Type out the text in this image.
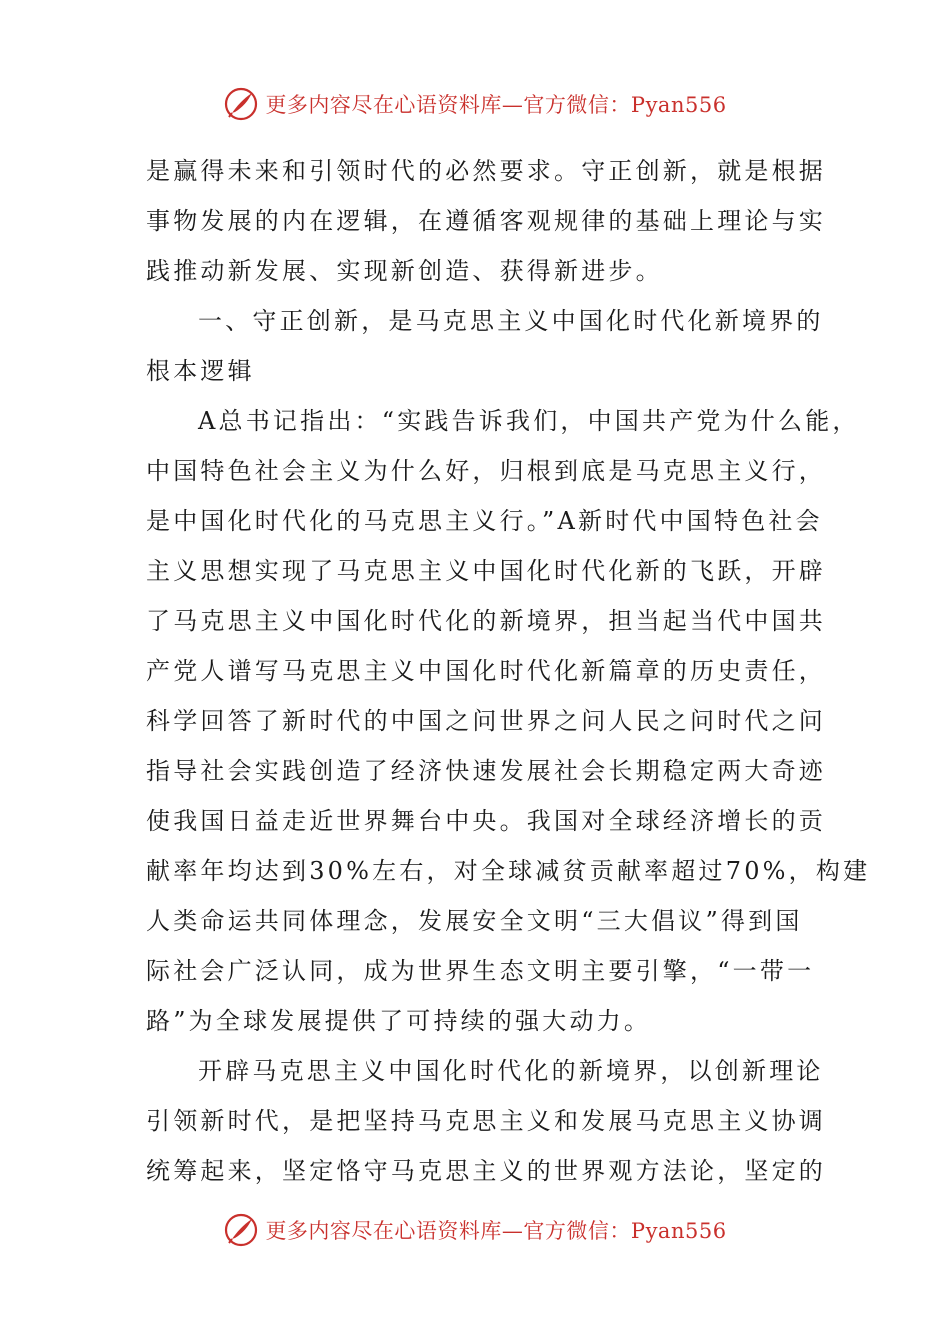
更多内容尽在心语资料库—官方微信：Pyan556
是赢得未来和引领时代的必然要求。守正创新，就是根据
事物发展的内在逻辑，在遵循客观规律的基础上理论与实
践推动新发展、实现新创造、获得新进步。
一、守正创新，是马克思主义中国化时代化新境界的
根本逻辑
A总书记指出：“实践告诉我们，中国共产党为什么能，
中国特色社会主义为什么好，归根到底是马克思主义行，
是中国化时代化的马克思主义行。”A新时代中国特色社会
主义思想实现了马克思主义中国化时代化新的飞跃，开辟
了马克思主义中国化时代化的新境界，担当起当代中国共
产党人谱写马克思主义中国化时代化新篇章的历史责任，
科学回答了新时代的中国之问世界之问人民之问时代之问
指导社会实践创造了经济快速发展社会长期稳定两大奇迹
使我国日益走近世界舞台中央。我国对全球经济增长的贡
献率年均达到30%左右，对全球减贫贡献率超过70%，构建
人类命运共同体理念，发展安全文明“三大倡议”得到国
际社会广泛认同，成为世界生态文明主要引擎，“一带一
路”为全球发展提供了可持续的强大动力。
开辟马克思主义中国化时代化的新境界，以创新理论
引领新时代，是把坚持马克思主义和发展马克思主义协调
统筹起来，坚定恪守马克思主义的世界观方法论，坚定的
更多内容尽在心语资料库—官方微信：Pyan556
